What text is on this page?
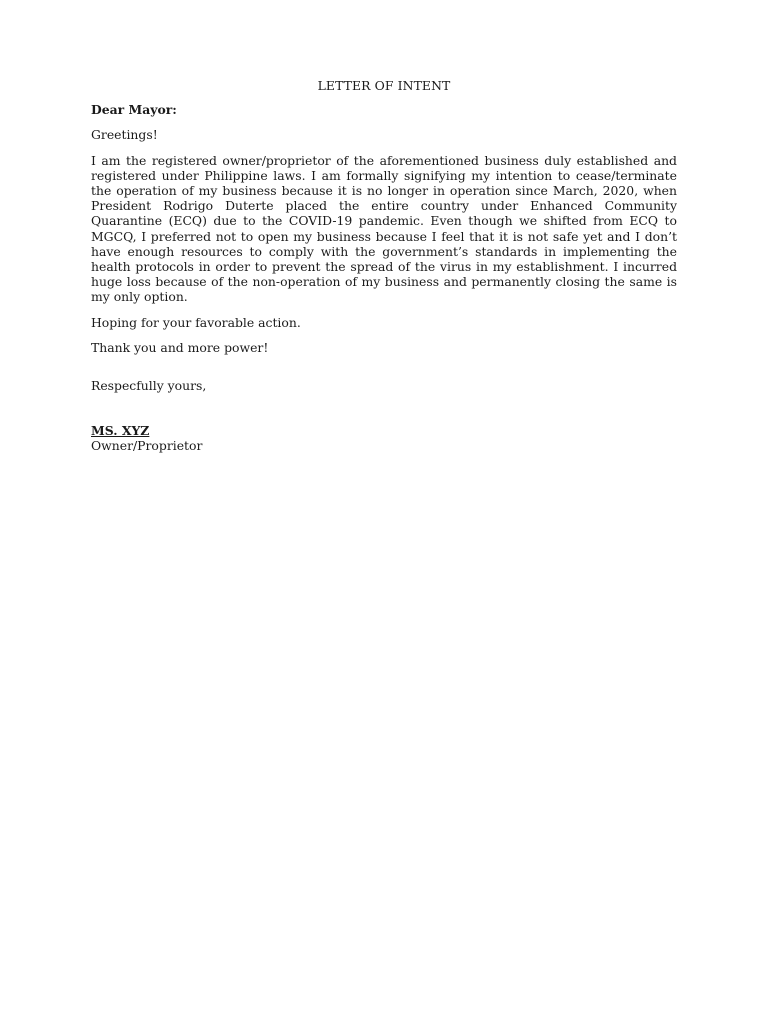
LETTER OF INTENT
Dear Mayor:

Greetings!

I am the registered owner/proprietor of the aforementioned business duly established and registered under Philippine laws. I am formally signifying my intention to cease/terminate the operation of my business because it is no longer in operation since March, 2020, when President Rodrigo Duterte placed the entire country under Enhanced Community Quarantine (ECQ) due to the COVID-19 pandemic. Even though we shifted from ECQ to MGCQ, I preferred not to open my business because I feel that it is not safe yet and I don’t have enough resources to comply with the government’s standards in implementing the health protocols in order to prevent the spread of the virus in my establishment. I incurred huge loss because of the non-operation of my business and permanently closing the same is my only option.

Hoping for your favorable action.

Thank you and more power!

Respecfully yours,

MS. XYZ
Owner/Proprietor
